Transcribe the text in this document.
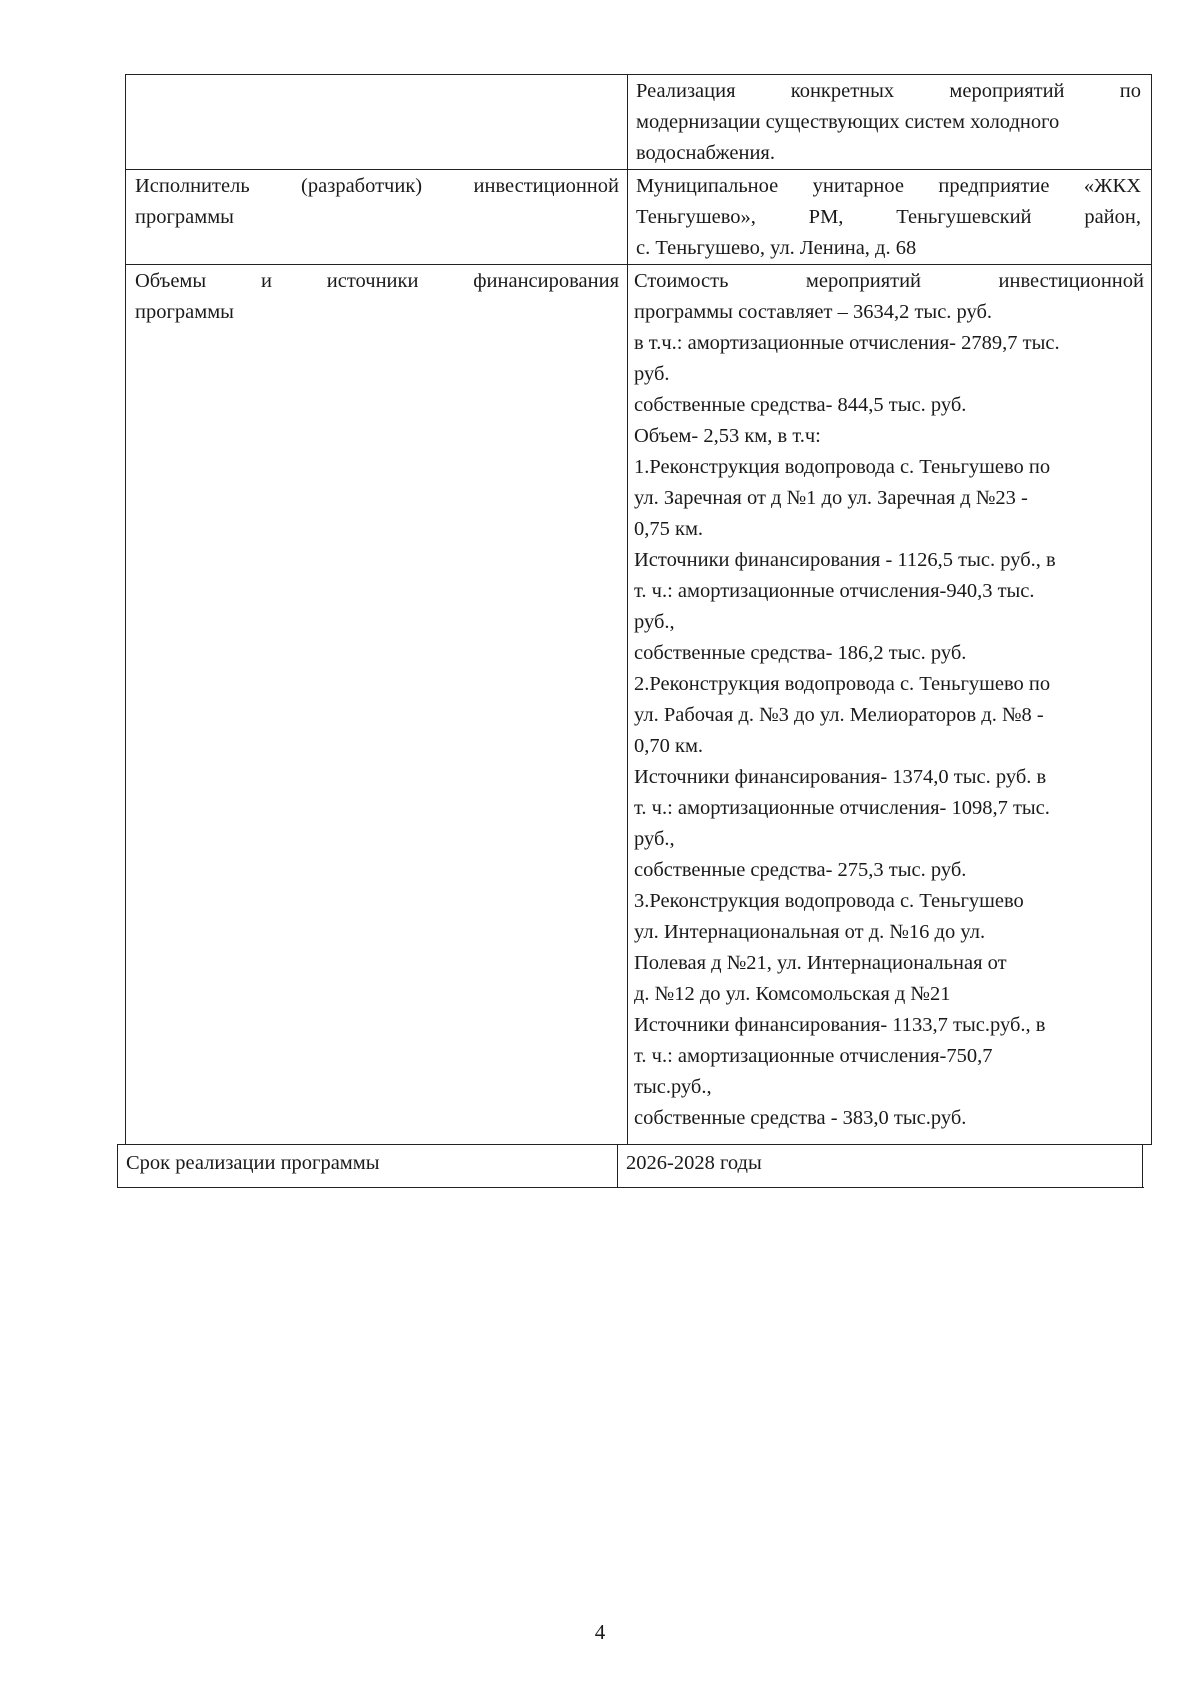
Реализация конкретных мероприятий по
модернизации существующих систем холодного
водоснабжения.
Исполнитель (разработчик) инвестиционной
программы
Муниципальное унитарное предприятие «ЖКХ
Теньгушево», РМ, Теньгушевский район,
с. Теньгушево, ул. Ленина, д. 68
Объемы и источники финансирования
программы
Стоимость мероприятий инвестиционной
программы составляет – 3634,2 тыс. руб.
в т.ч.: амортизационные отчисления- 2789,7 тыс.
руб.
собственные средства- 844,5 тыс. руб.
Объем- 2,53 км, в т.ч:
1.Реконструкция водопровода с. Теньгушево по
ул. Заречная от д №1 до ул. Заречная д №23 -
0,75 км.
Источники финансирования - 1126,5 тыс. руб., в
т. ч.: амортизационные отчисления-940,3 тыс.
руб.,
собственные средства- 186,2 тыс. руб.
2.Реконструкция водопровода с. Теньгушево по
ул. Рабочая д. №3 до ул. Мелиораторов д. №8 -
0,70 км.
Источники финансирования- 1374,0 тыс. руб. в
т. ч.: амортизационные отчисления- 1098,7 тыс.
руб.,
собственные средства- 275,3 тыс. руб.
3.Реконструкция водопровода с. Теньгушево
ул. Интернациональная от д. №16 до ул.
Полевая д №21, ул. Интернациональная от
д. №12 до ул. Комсомольская д №21
Источники финансирования- 1133,7 тыс.руб., в
т. ч.: амортизационные отчисления-750,7
тыс.руб.,
собственные средства - 383,0 тыс.руб.
Срок реализации программы	2026-2028 годы
4
